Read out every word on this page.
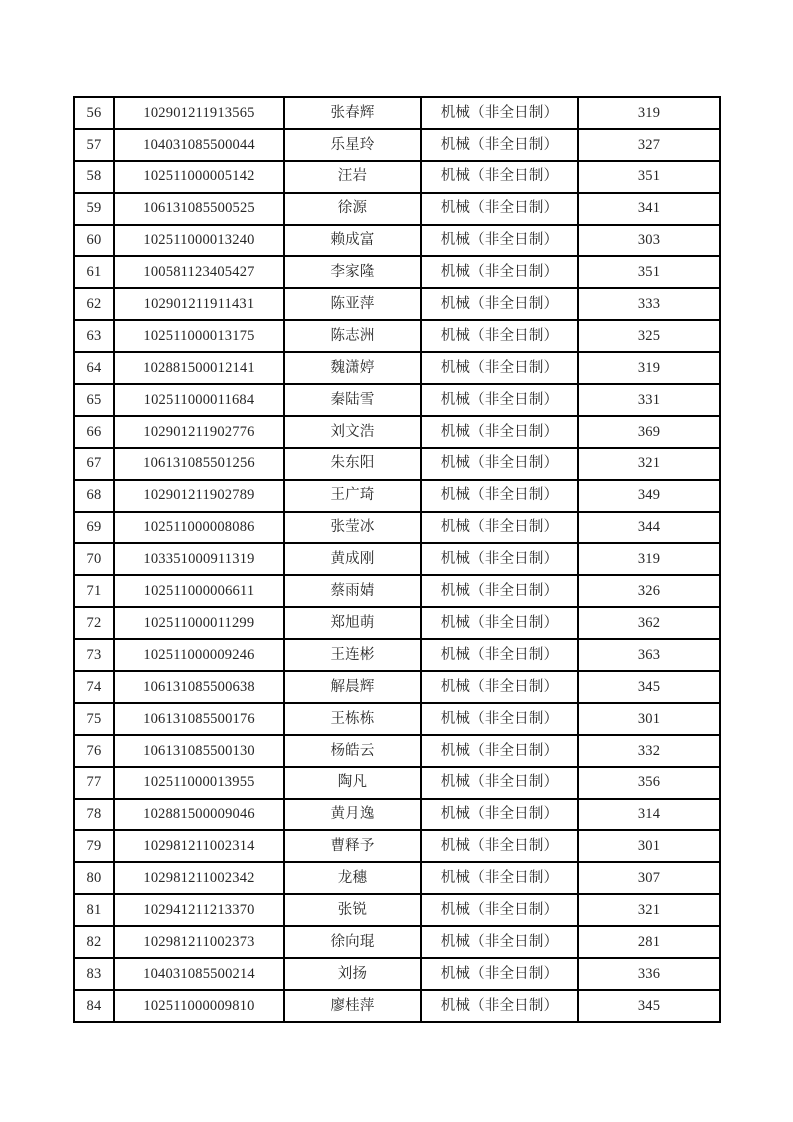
56	102901211913565	张春辉	机械（非全日制）	319
57	104031085500044	乐星玲	机械（非全日制）	327
58	102511000005142	汪岩	机械（非全日制）	351
59	106131085500525	徐源	机械（非全日制）	341
60	102511000013240	赖成富	机械（非全日制）	303
61	100581123405427	李家隆	机械（非全日制）	351
62	102901211911431	陈亚萍	机械（非全日制）	333
63	102511000013175	陈志洲	机械（非全日制）	325
64	102881500012141	魏潇婷	机械（非全日制）	319
65	102511000011684	秦陆雪	机械（非全日制）	331
66	102901211902776	刘文浩	机械（非全日制）	369
67	106131085501256	朱东阳	机械（非全日制）	321
68	102901211902789	王广琦	机械（非全日制）	349
69	102511000008086	张莹冰	机械（非全日制）	344
70	103351000911319	黄成刚	机械（非全日制）	319
71	102511000006611	蔡雨婧	机械（非全日制）	326
72	102511000011299	郑旭萌	机械（非全日制）	362
73	102511000009246	王连彬	机械（非全日制）	363
74	106131085500638	解晨辉	机械（非全日制）	345
75	106131085500176	王栋栋	机械（非全日制）	301
76	106131085500130	杨皓云	机械（非全日制）	332
77	102511000013955	陶凡	机械（非全日制）	356
78	102881500009046	黄月逸	机械（非全日制）	314
79	102981211002314	曹释予	机械（非全日制）	301
80	102981211002342	龙穗	机械（非全日制）	307
81	102941211213370	张锐	机械（非全日制）	321
82	102981211002373	徐向琨	机械（非全日制）	281
83	104031085500214	刘扬	机械（非全日制）	336
84	102511000009810	廖桂萍	机械（非全日制）	345
